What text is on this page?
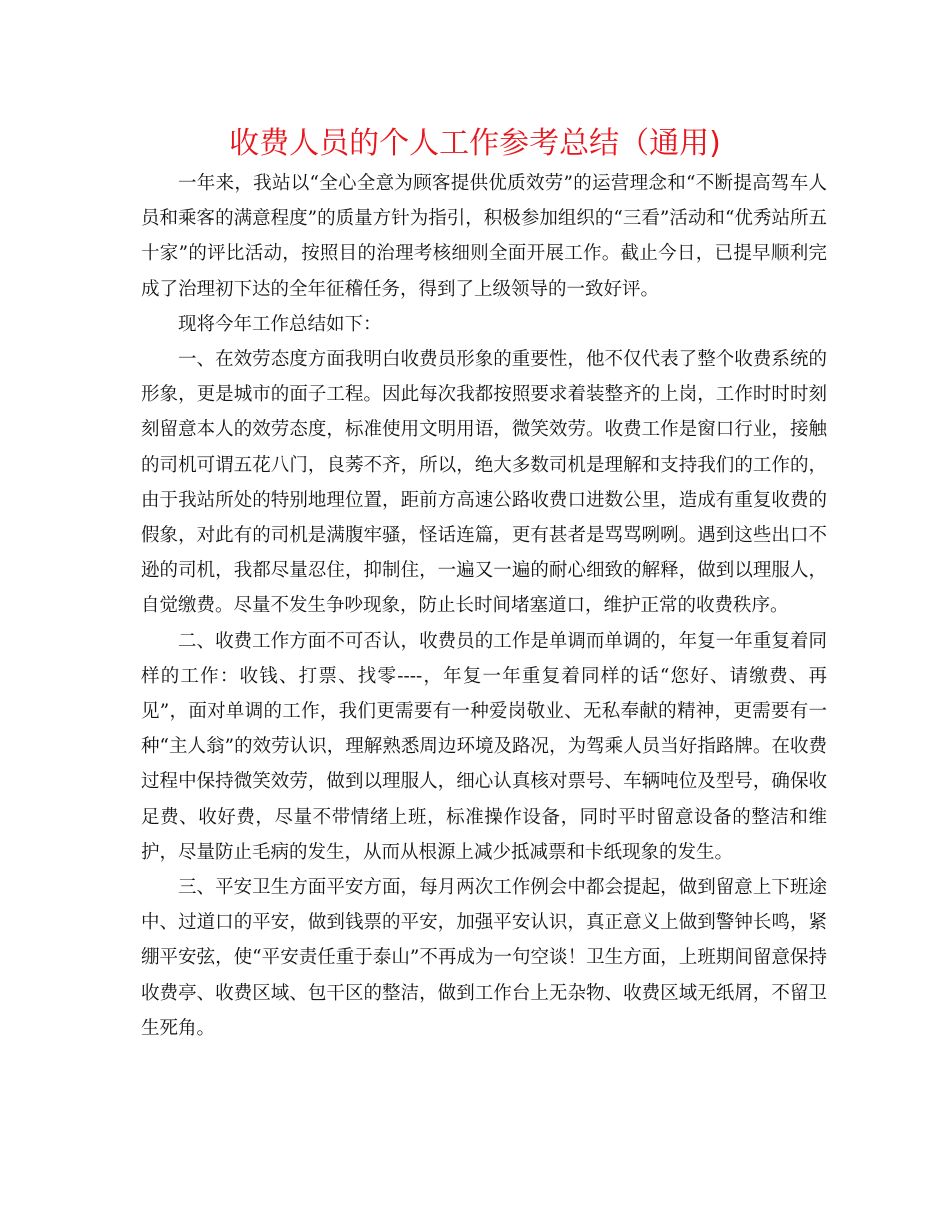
收费人员的个人工作参考总结（通用)

一年来，我站以“全心全意为顾客提供优质效劳”的运营理念和“不断提高驾车人员和乘客的满意程度”的质量方针为指引，积极参加组织的“三看”活动和“优秀站所五十家”的评比活动，按照目的治理考核细则全面开展工作。截止今日，已提早顺利完成了治理初下达的全年征稽任务，得到了上级领导的一致好评。

现将今年工作总结如下：

一、在效劳态度方面我明白收费员形象的重要性，他不仅代表了整个收费系统的形象，更是城市的面子工程。因此每次我都按照要求着装整齐的上岗，工作时时时刻刻留意本人的效劳态度，标准使用文明用语，微笑效劳。收费工作是窗口行业，接触的司机可谓五花八门，良莠不齐，所以，绝大多数司机是理解和支持我们的工作的，由于我站所处的特别地理位置，距前方高速公路收费口进数公里，造成有重复收费的假象，对此有的司机是满腹牢骚，怪话连篇，更有甚者是骂骂咧咧。遇到这些出口不逊的司机，我都尽量忍住，抑制住，一遍又一遍的耐心细致的解释，做到以理服人，自觉缴费。尽量不发生争吵现象，防止长时间堵塞道口，维护正常的收费秩序。

二、收费工作方面不可否认，收费员的工作是单调而单调的，年复一年重复着同样的工作：收钱、打票、找零----，年复一年重复着同样的话“您好、请缴费、再见”，面对单调的工作，我们更需要有一种爱岗敬业、无私奉献的精神，更需要有一种“主人翁”的效劳认识，理解熟悉周边环境及路况，为驾乘人员当好指路牌。在收费过程中保持微笑效劳，做到以理服人，细心认真核对票号、车辆吨位及型号，确保收足费、收好费，尽量不带情绪上班，标准操作设备，同时平时留意设备的整洁和维护，尽量防止毛病的发生，从而从根源上减少抵减票和卡纸现象的发生。

三、平安卫生方面平安方面，每月两次工作例会中都会提起，做到留意上下班途中、过道口的平安，做到钱票的平安，加强平安认识，真正意义上做到警钟长鸣，紧绷平安弦，使“平安责任重于泰山”不再成为一句空谈！卫生方面，上班期间留意保持收费亭、收费区域、包干区的整洁，做到工作台上无杂物、收费区域无纸屑，不留卫生死角。
